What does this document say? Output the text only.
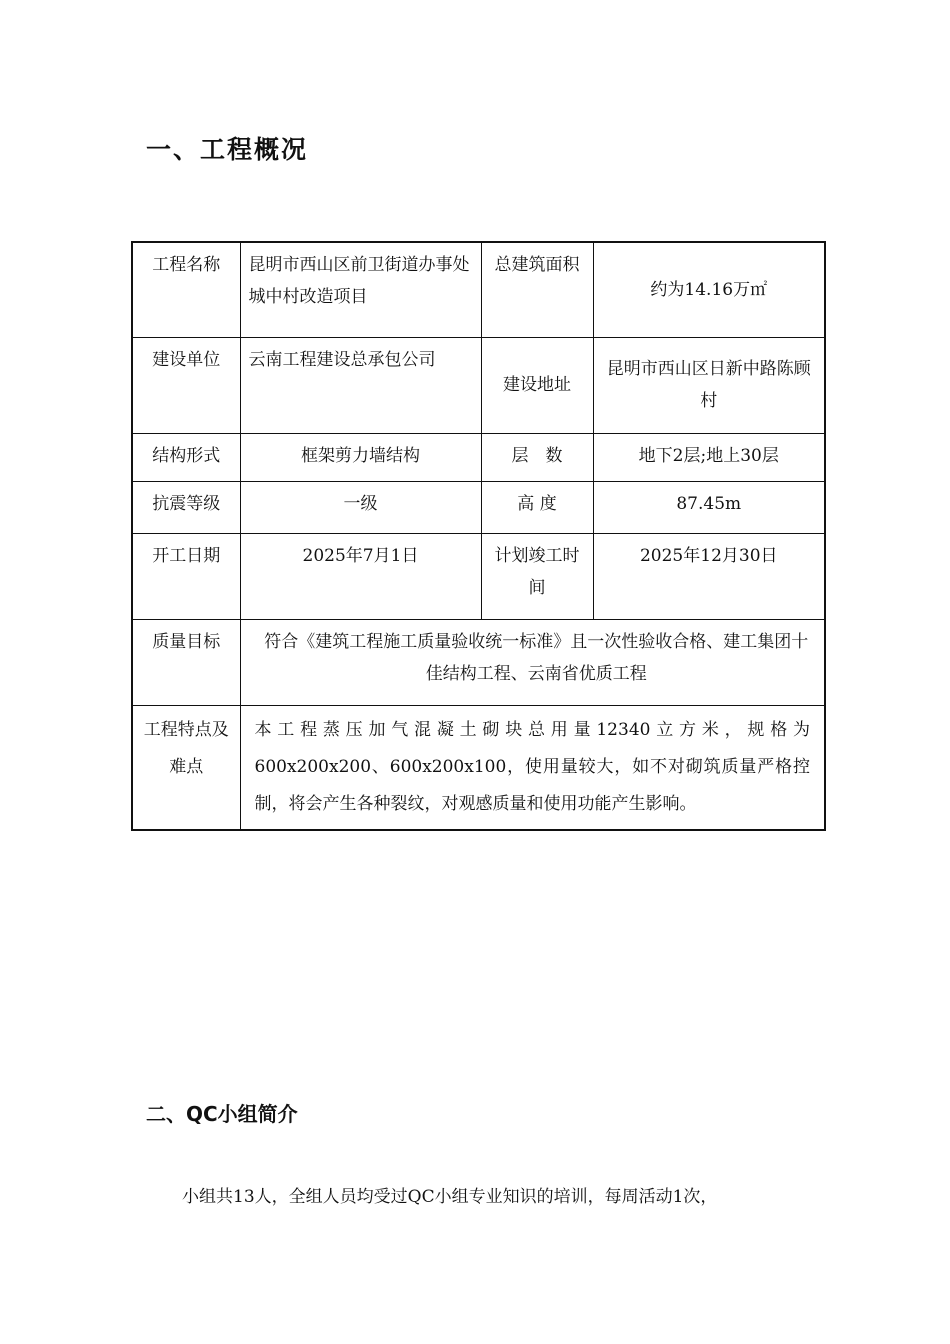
一、工程概况
工程名称	昆明市西山区前卫街道办事处城中村改造项目	总建筑面积	约为14.16万㎡
建设单位	云南工程建设总承包公司	建设地址	昆明市西山区日新中路陈顾村
结构形式	框架剪力墙结构	层　数	地下2层;地上30层
抗震等级	一级	高 度	87.45m
开工日期	2025年7月1日	计划竣工时间	2025年12月30日
质量目标	符合《建筑工程施工质量验收统一标准》且一次性验收合格、建工集团十佳结构工程、云南省优质工程		
工程特点及难点	本工程蒸压加气混凝土砌块总用量12340立方米，规格为600x200x200、600x200x100，使用量较大，如不对砌筑质量严格控制，将会产生各种裂纹，对观感质量和使用功能产生影响。		
二、QC小组简介
小组共13人，全组人员均受过QC小组专业知识的培训，每周活动1次，
